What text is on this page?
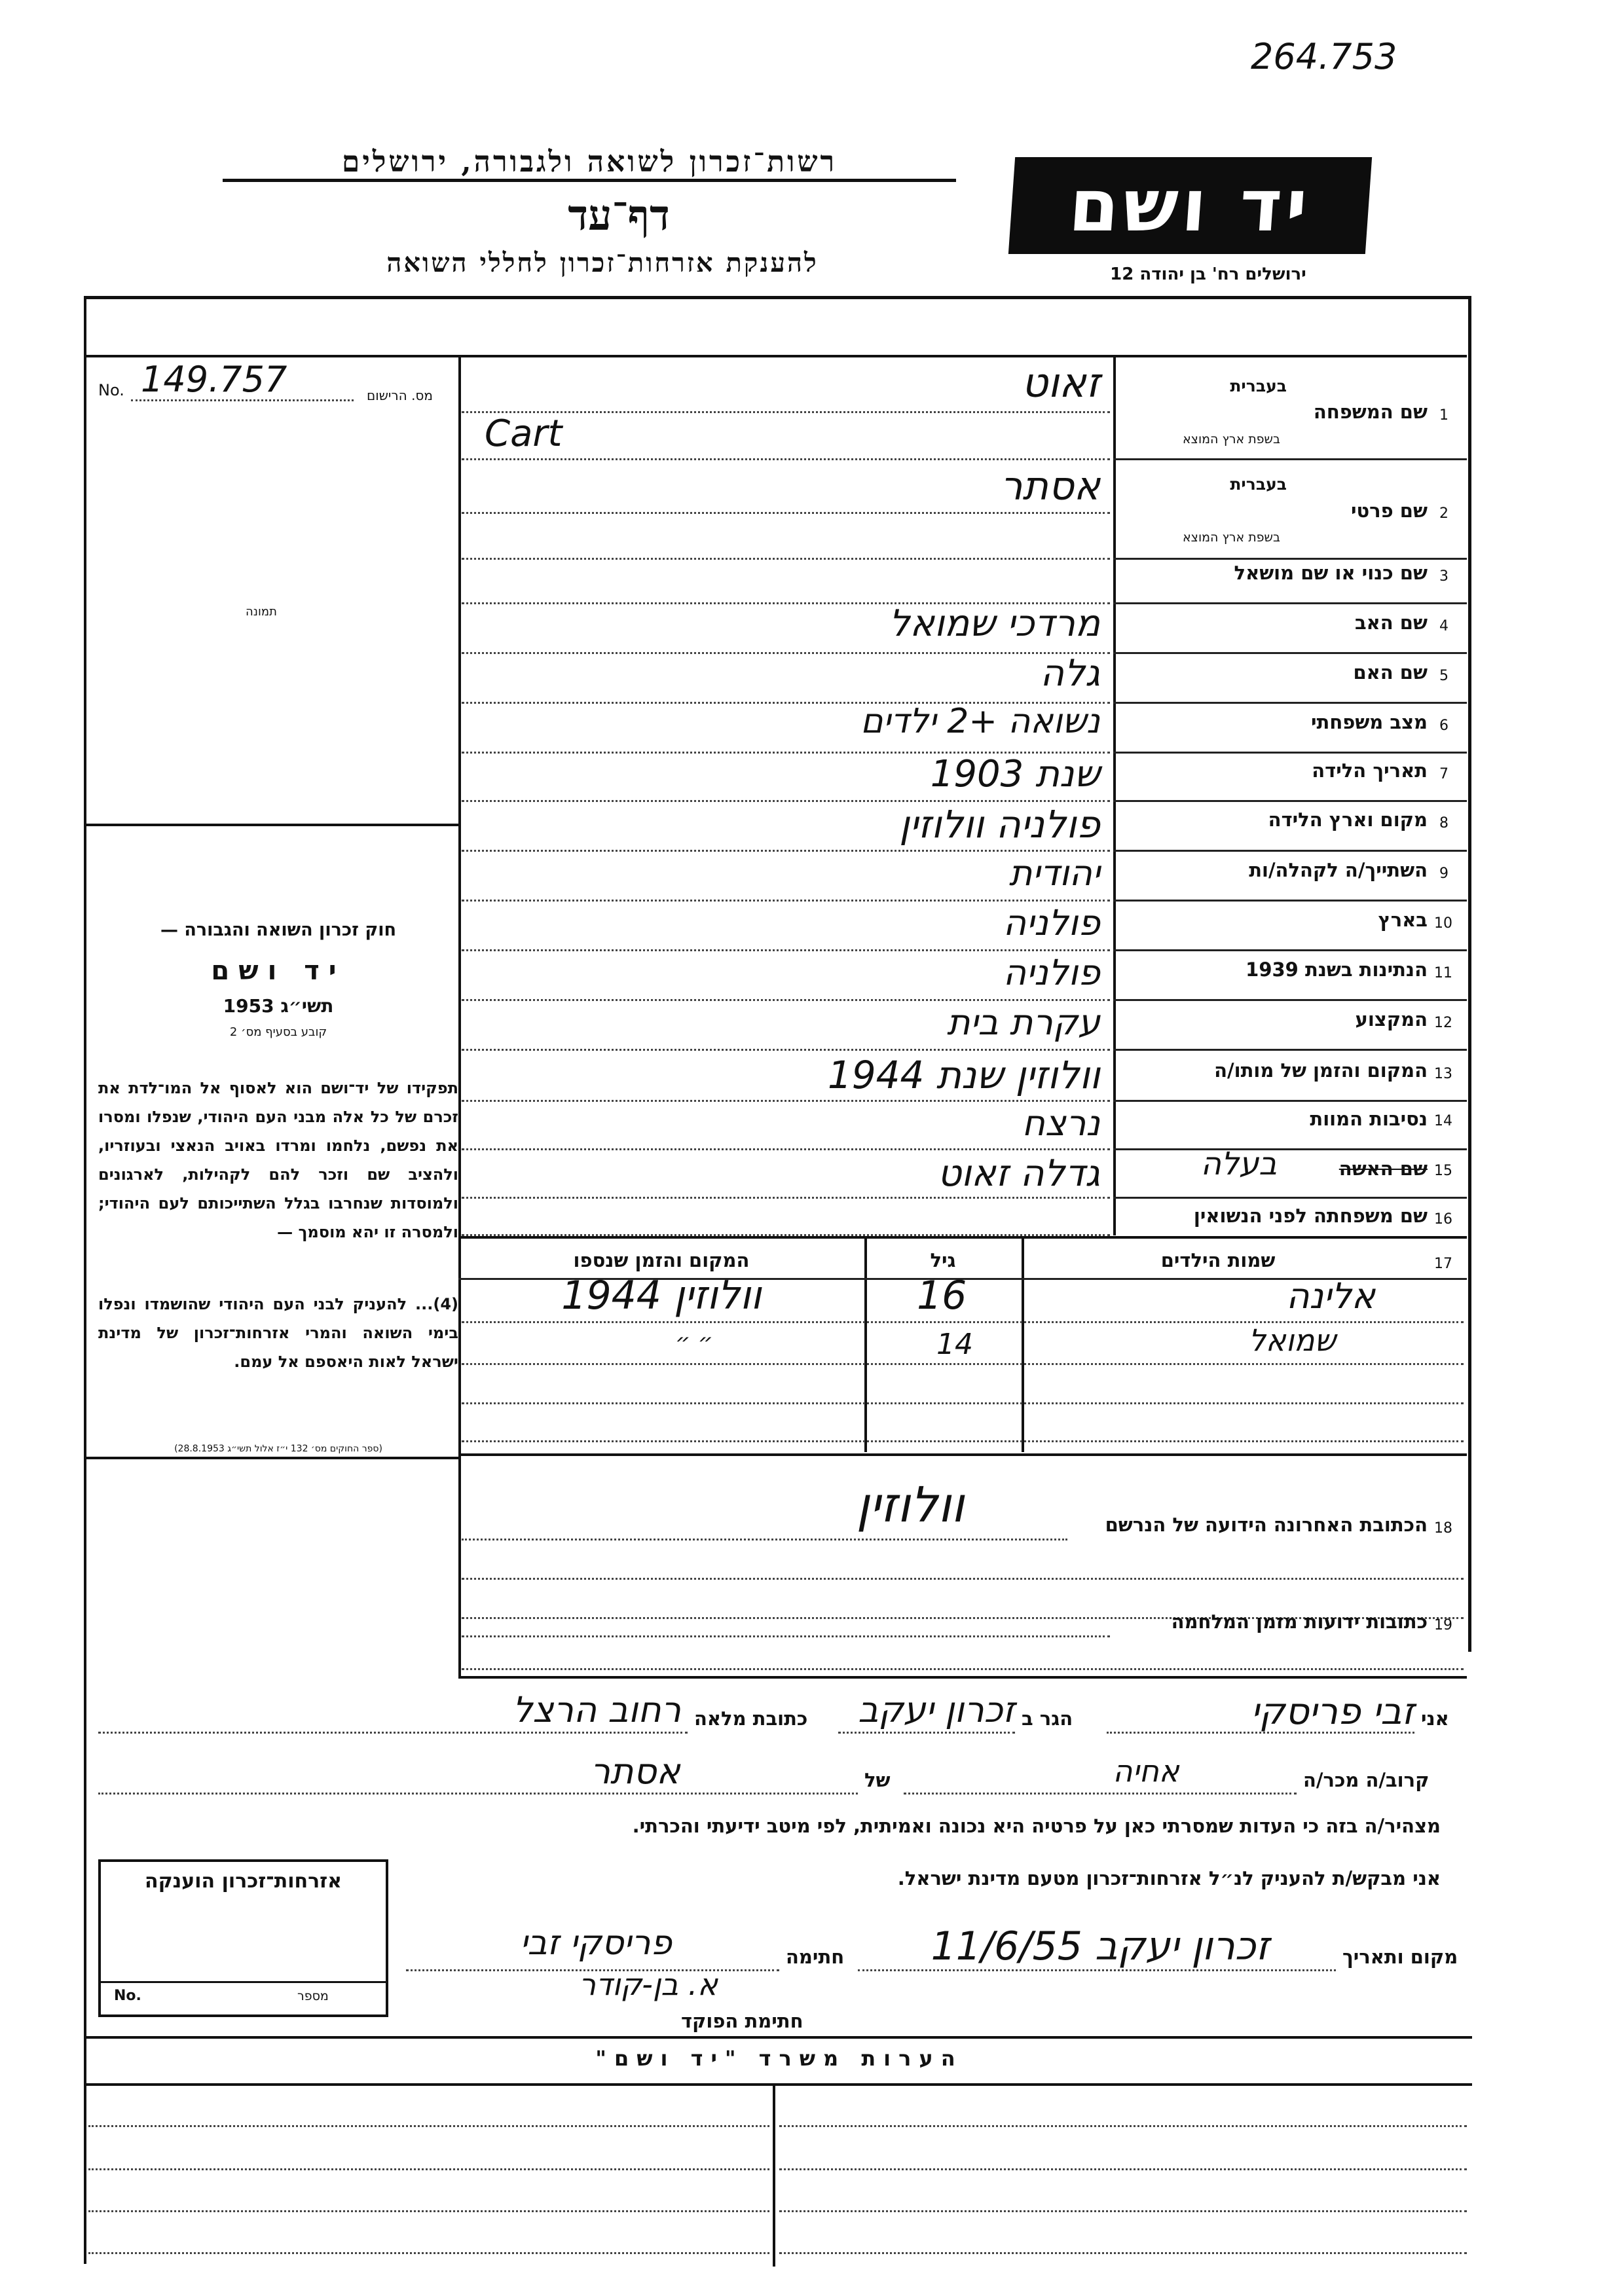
264.753
רשות־זכרון לשואה ולגבורה, ירושלים
דף־עד
להענקת אזרחות־זכרון לחללי השואה
יד ושם
ירושלים רח' בן יהודה 12
No. 149.757	מס. הרישום
תמונה
חוק זכרון השואה והגבורה —
יד ושם
תשי״ג 1953
קובע בסעיף מס׳ 2
תפקידו של יד־ושם הוא לאסוף אל המו־לדת את זכרם של כל אלה מבני העם היהודי, שנפלו ומסרו את נפשם, נלחמו ומרדו באויב הנאצי ובעוזריו, ולהציב שם וזכר להם לקהילות, לארגונים ולמוסדות שנחרבו בגלל השתייכותם לעם היהודי; ולמסרה זו יהא מוסמך —
(4)... להעניק לבני העם היהודי שהושמדו ונפלו בימי השואה והמרי אזרחות־זכרון של מדינת ישראל לאות היאספם אל עמם.
(ספר החוקים מס׳ 132 י״ז אלול תשי״ג 28.8.1953)
1
שם המשפחה
בעברית
בשפת ארץ המוצא
זאוט
Cart
2
שם פרטי
בעברית
בשפת ארץ המוצא
אסתר
3
שם כנוי או שם מושאל
4
שם האב
מרדכי שמואל
5
שם האם
גלה
6
מצב משפחתי
נשואה +2 ילדים
7
תאריך הלידה
שנת 1903
8
מקום וארץ הלידה
פולניה וולוזין
9
השתייך/ה לקהלה/ות
יהודית
10
בארץ
פולניה
11
הנתינות בשנת 1939
פולניה
12
המקצוע
עקרת בית
13
המקום והזמן של מותו/ה
וולוזין שנת 1944
14
נסיבות המוות
נרצח
15
שם האשה
בעלה
גדלה זאוט
16
שם משפחתה לפני הנשואין
17
שמות הילדים
גיל
המקום והזמן שנספו
אלינה
16
וולוזין 1944
שמואל
14
״ ״
18
הכתובת האחרונה הידועה של הנרשם
וולוזין
19
כתובות ידועות מזמן המלחמה
אני
זבי פריסקי
הגר ב
זכרון יעקב
כתובת מלאה
רחוב הרצל
קרוב/ה מכר/ה
אחיה
של
אסתר
מצהיר/ה בזה כי העדות שמסרתי כאן על פרטיה היא נכונה ואמיתית, לפי מיטב ידיעתי והכרתי.
אני מבקש/ת להעניק לנ״ל אזרחות־זכרון מטעם מדינת ישראל.
מקום ותאריך
זכרון יעקב 11/6/55
חתימה
פריסקי זבי
א. בן-קודר
חתימת הפוקד
אזרחות־זכרון הוענקה
No.	מספר
הערות משרד "יד ושם"
